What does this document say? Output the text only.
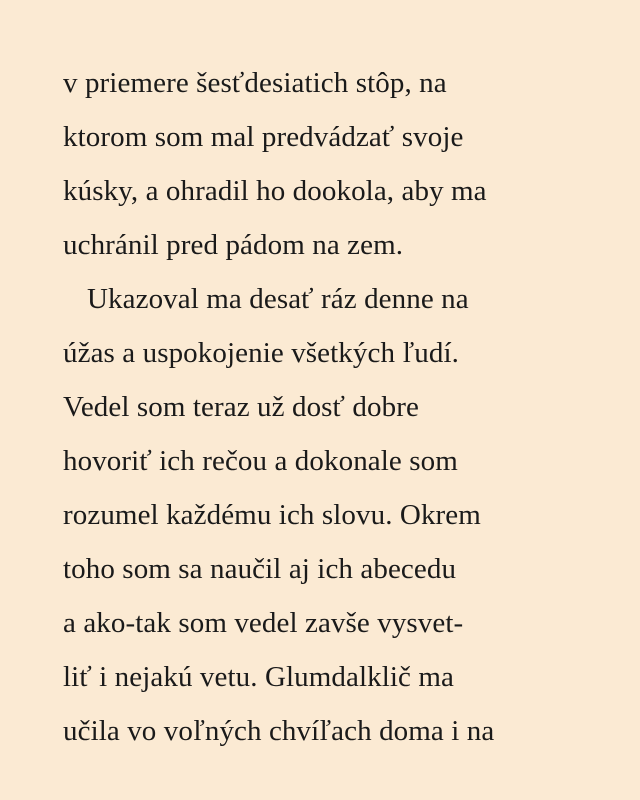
v priemere šesťdesiatich stôp, na
ktorom som mal predvádzať svoje
kúsky, a ohradil ho dookola, aby ma
uchránil pred pádom na zem.
Ukazoval ma desať ráz denne na
úžas a uspokojenie všetkých ľudí.
Vedel som teraz už dosť dobre
hovoriť ich rečou a dokonale som
rozumel každému ich slovu. Okrem
toho som sa naučil aj ich abecedu
a ako-tak som vedel zavše vysvet-
liť i nejakú vetu. Glumdalklič ma
učila vo voľných chvíľach doma i na
